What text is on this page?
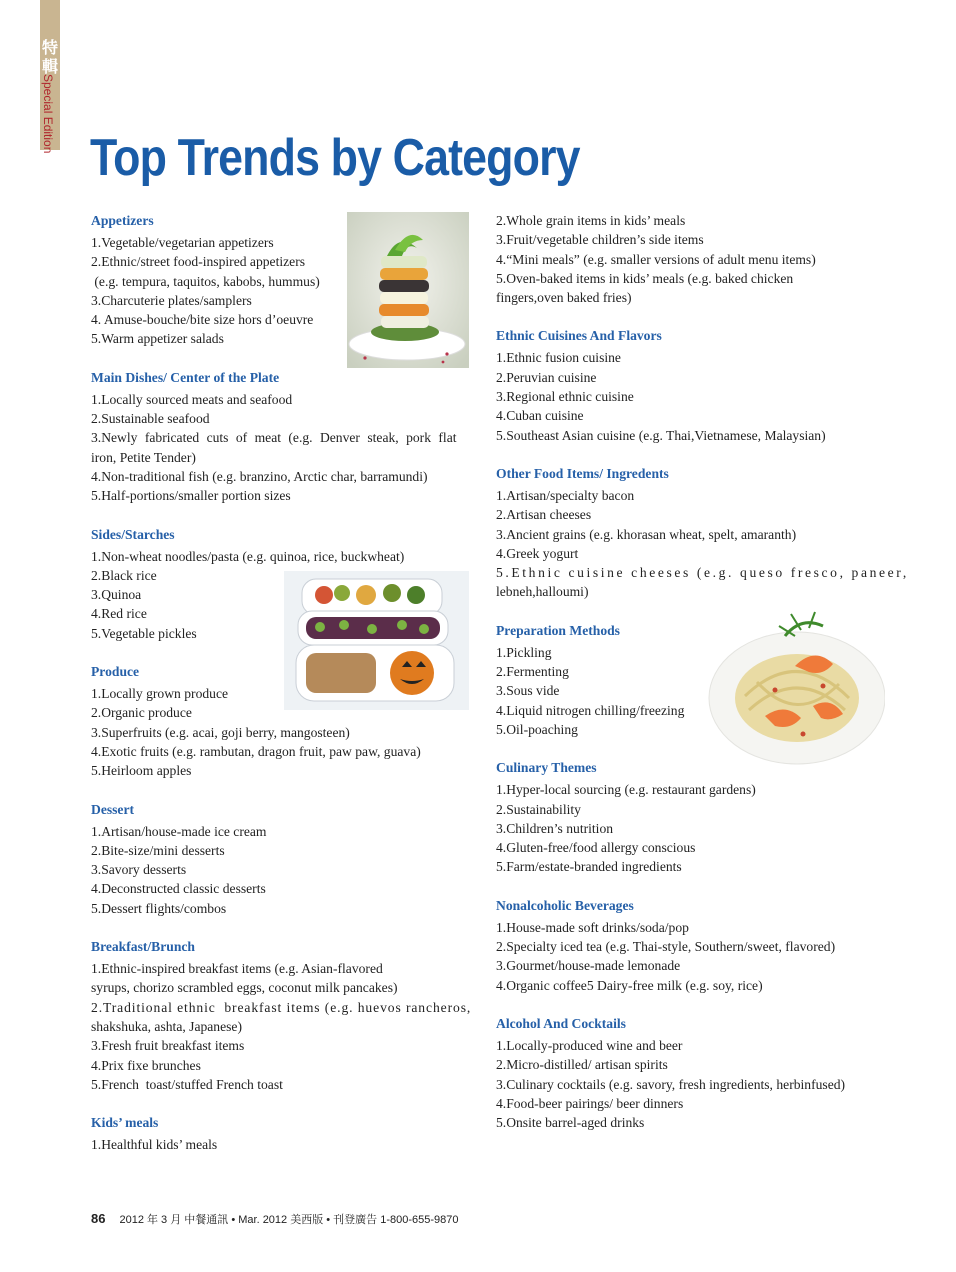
特輯
Special Edition
Top Trends by Category
Appetizers
1.Vegetable/vegetarian appetizers
2.Ethnic/street food-inspired appetizers
(e.g. tempura, taquitos, kabobs, hummus)
3.Charcuterie plates/samplers
4. Amuse-bouche/bite size hors d’oeuvre
5.Warm appetizer salads
Main Dishes/ Center of the Plate
1.Locally sourced meats and seafood
2.Sustainable seafood
3.Newly fabricated cuts of meat (e.g. Denver steak, pork flat
iron, Petite Tender)
4.Non-traditional fish (e.g. branzino, Arctic char, barramundi)
5.Half-portions/smaller portion sizes
Sides/Starches
1.Non-wheat noodles/pasta (e.g. quinoa, rice, buckwheat)
2.Black rice
3.Quinoa
4.Red rice
5.Vegetable pickles
Produce
1.Locally grown produce
2.Organic produce
3.Superfruits (e.g. acai, goji berry, mangosteen)
4.Exotic fruits (e.g. rambutan, dragon fruit, paw paw, guava)
5.Heirloom apples
Dessert
1.Artisan/house-made ice cream
2.Bite-size/mini desserts
3.Savory desserts
4.Deconstructed classic desserts
5.Dessert flights/combos
Breakfast/Brunch
1.Ethnic-inspired breakfast items (e.g. Asian-flavored
syrups, chorizo scrambled eggs, coconut milk pancakes)
2.Traditional ethnic  breakfast items (e.g. huevos rancheros,
shakshuka, ashta, Japanese)
3.Fresh fruit breakfast items
4.Prix fixe brunches
5.French  toast/stuffed French toast
Kids’ meals
1.Healthful kids’ meals
2.Whole grain items in kids’ meals
3.Fruit/vegetable children’s side items
4.“Mini meals” (e.g. smaller versions of adult menu items)
5.Oven-baked items in kids’ meals (e.g. baked chicken
fingers,oven baked fries)
Ethnic Cuisines And Flavors
1.Ethnic fusion cuisine
2.Peruvian cuisine
3.Regional ethnic cuisine
4.Cuban cuisine
5.Southeast Asian cuisine (e.g. Thai,Vietnamese, Malaysian)
Other Food Items/ Ingredents
1.Artisan/specialty bacon
2.Artisan cheeses
3.Ancient grains (e.g. khorasan wheat, spelt, amaranth)
4.Greek yogurt
5.Ethnic cuisine cheeses (e.g. queso fresco, paneer,
lebneh,halloumi)
Preparation Methods
1.Pickling
2.Fermenting
3.Sous vide
4.Liquid nitrogen chilling/freezing
5.Oil-poaching
Culinary Themes
1.Hyper-local sourcing (e.g. restaurant gardens)
2.Sustainability
3.Children’s nutrition
4.Gluten-free/food allergy conscious
5.Farm/estate-branded ingredients
Nonalcoholic Beverages
1.House-made soft drinks/soda/pop
2.Specialty iced tea (e.g. Thai-style, Southern/sweet, flavored)
3.Gourmet/house-made lemonade
4.Organic coffee5 Dairy-free milk (e.g. soy, rice)
Alcohol And Cocktails
1.Locally-produced wine and beer
2.Micro-distilled/ artisan spirits
3.Culinary cocktails (e.g. savory, fresh ingredients, herbinfused)
4.Food-beer pairings/ beer dinners
5.Onsite barrel-aged drinks
86 2012 年 3 月 中餐通訊 • Mar. 2012 美西版 • 刊登廣告 1-800-655-9870
